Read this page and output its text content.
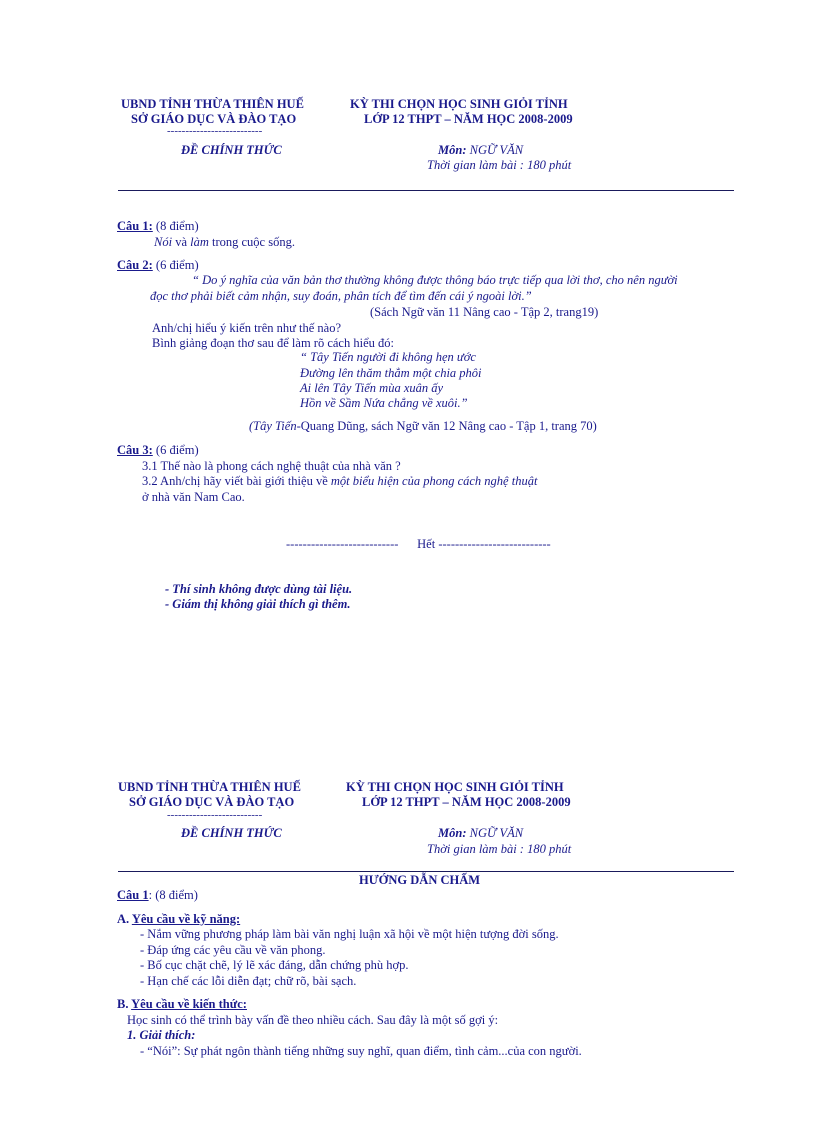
UBND TỈNH THỪA THIÊN HUẾ
SỞ GIÁO DỤC VÀ ĐÀO TẠO
--------------------------
ĐỀ CHÍNH THỨC
KỲ THI CHỌN HỌC SINH GIỎI TỈNH
LỚP 12 THPT – NĂM HỌC 2008-2009
Môn: NGỮ VĂN
Thời gian làm bài : 180 phút
Câu 1: (8 điểm)
Nói và làm trong cuộc sống.
Câu 2: (6 điểm)
“ Do ý nghĩa của văn bản thơ thường không được thông báo trực tiếp qua lời thơ, cho nên người
đọc thơ phải biết cảm nhận, suy đoán, phân tích để tìm đến cái ý ngoài lời.”
(Sách Ngữ văn 11 Nâng cao - Tập 2, trang19)
Anh/chị hiểu ý kiến trên như thế nào?
Bình giảng đoạn thơ sau để làm rõ cách hiểu đó:
“ Tây Tiến người đi không hẹn ước
Đường lên thăm thẳm một chia phôi
Ai lên Tây Tiến mùa xuân ấy
Hồn về Sầm Nứa chẳng về xuôi.”
(Tây Tiến-Quang Dũng, sách Ngữ văn 12 Nâng cao - Tập 1, trang 70)
Câu 3: (6 điểm)
3.1 Thế nào là phong cách nghệ thuật của nhà văn ?
3.2 Anh/chị hãy viết bài giới thiệu về một biểu hiện của phong cách nghệ thuật
ở nhà văn Nam Cao.
--------------------------- Hết ---------------------------
- Thí sinh không được dùng tài liệu.
- Giám thị không giải thích gì thêm.
UBND TỈNH THỪA THIÊN HUẾ
SỞ GIÁO DỤC VÀ ĐÀO TẠO
--------------------------
ĐỀ CHÍNH THỨC
KỲ THI CHỌN HỌC SINH GIỎI TỈNH
LỚP 12 THPT – NĂM HỌC 2008-2009
Môn: NGỮ VĂN
Thời gian làm bài : 180 phút
HƯỚNG DẪN CHẤM
Câu 1: (8 điểm)
A. Yêu cầu về kỹ năng:
- Nắm vững phương pháp làm bài văn nghị luận xã hội về một hiện tượng đời sống.
- Đáp ứng các yêu cầu về văn phong.
- Bố cục chặt chẽ, lý lẽ xác đáng, dẫn chứng phù hợp.
- Hạn chế các lỗi diễn đạt; chữ rõ, bài sạch.
B. Yêu cầu về kiến thức:
Học sinh có thể trình bày vấn đề theo nhiều cách. Sau đây là một số gợi ý:
1. Giải thích:
- “Nói”: Sự phát ngôn thành tiếng những suy nghĩ, quan điểm, tình cảm...của con người.
